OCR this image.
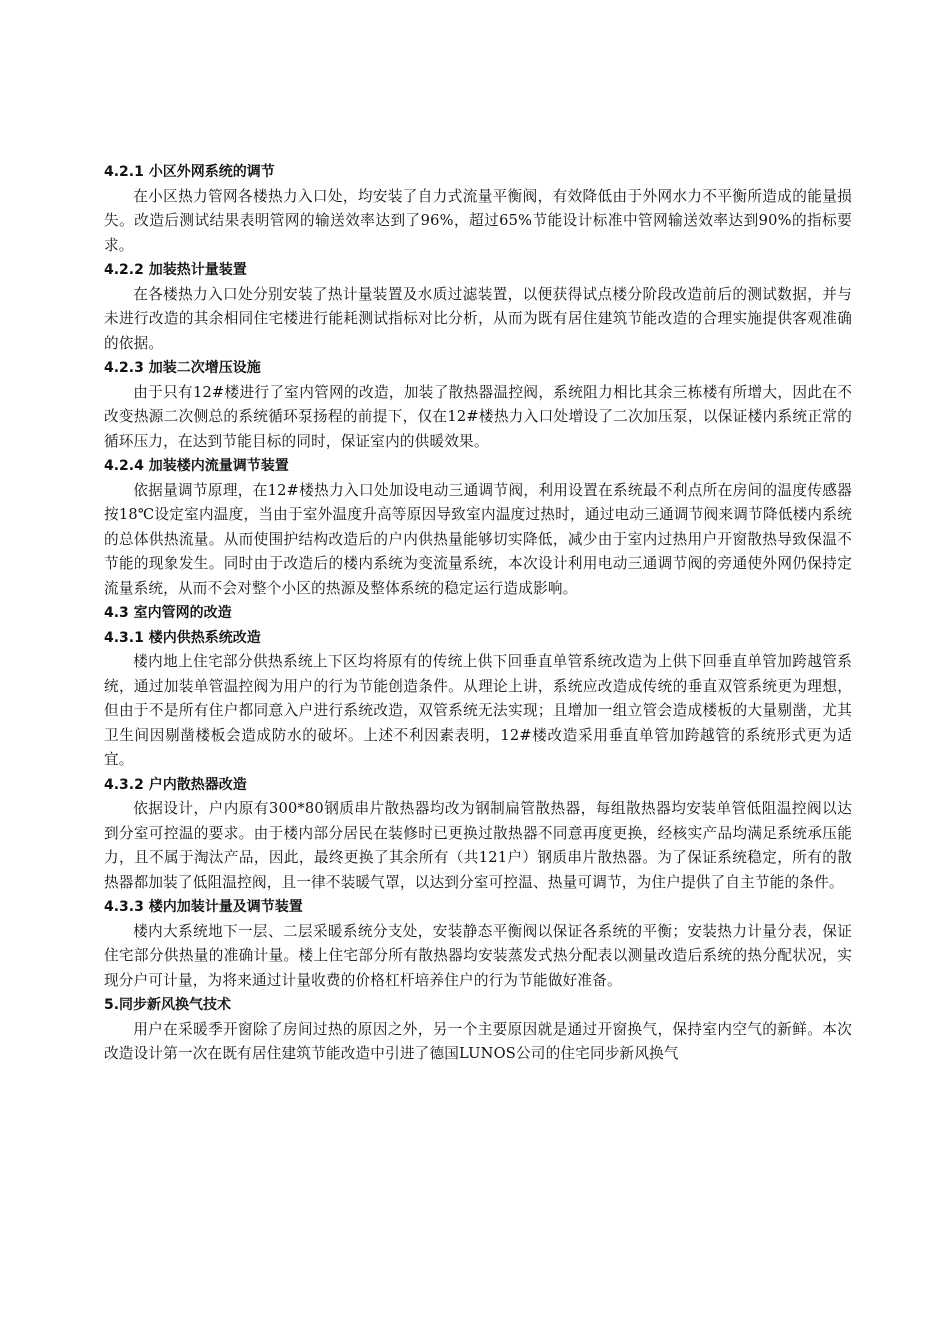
4.2.1 小区外网系统的调节

在小区热力管网各楼热力入口处，均安装了自力式流量平衡阀，有效降低由于外网水力不平衡所造成的能量损失。改造后测试结果表明管网的输送效率达到了96%，超过65%节能设计标准中管网输送效率达到90%的指标要求。

4.2.2 加装热计量装置

在各楼热力入口处分别安装了热计量装置及水质过滤装置，以便获得试点楼分阶段改造前后的测试数据，并与未进行改造的其余相同住宅楼进行能耗测试指标对比分析，从而为既有居住建筑节能改造的合理实施提供客观准确的依据。

4.2.3 加装二次增压设施

由于只有12#楼进行了室内管网的改造，加装了散热器温控阀，系统阻力相比其余三栋楼有所增大，因此在不改变热源二次侧总的系统循环泵扬程的前提下，仅在12#楼热力入口处增设了二次加压泵，以保证楼内系统正常的循环压力，在达到节能目标的同时，保证室内的供暖效果。

4.2.4 加装楼内流量调节装置

依据量调节原理，在12#楼热力入口处加设电动三通调节阀，利用设置在系统最不利点所在房间的温度传感器按18℃设定室内温度，当由于室外温度升高等原因导致室内温度过热时，通过电动三通调节阀来调节降低楼内系统的总体供热流量。从而使围护结构改造后的户内供热量能够切实降低，减少由于室内过热用户开窗散热导致保温不节能的现象发生。同时由于改造后的楼内系统为变流量系统，本次设计利用电动三通调节阀的旁通使外网仍保持定流量系统，从而不会对整个小区的热源及整体系统的稳定运行造成影响。

4.3 室内管网的改造
4.3.1 楼内供热系统改造

楼内地上住宅部分供热系统上下区均将原有的传统上供下回垂直单管系统改造为上供下回垂直单管加跨越管系统，通过加装单管温控阀为用户的行为节能创造条件。从理论上讲，系统应改造成传统的垂直双管系统更为理想，但由于不是所有住户都同意入户进行系统改造，双管系统无法实现；且增加一组立管会造成楼板的大量剔凿，尤其卫生间因剔凿楼板会造成防水的破坏。上述不利因素表明，12#楼改造采用垂直单管加跨越管的系统形式更为适宜。

4.3.2 户内散热器改造

依据设计，户内原有300*80钢质串片散热器均改为钢制扁管散热器，每组散热器均安装单管低阻温控阀以达到分室可控温的要求。由于楼内部分居民在装修时已更换过散热器不同意再度更换，经核实产品均满足系统承压能力，且不属于淘汰产品，因此，最终更换了其余所有（共121户）钢质串片散热器。为了保证系统稳定，所有的散热器都加装了低阻温控阀，且一律不装暖气罩，以达到分室可控温、热量可调节，为住户提供了自主节能的条件。

4.3.3 楼内加装计量及调节装置

楼内大系统地下一层、二层采暖系统分支处，安装静态平衡阀以保证各系统的平衡；安装热力计量分表，保证住宅部分供热量的准确计量。楼上住宅部分所有散热器均安装蒸发式热分配表以测量改造后系统的热分配状况，实现分户可计量，为将来通过计量收费的价格杠杆培养住户的行为节能做好准备。

5.同步新风换气技术

用户在采暖季开窗除了房间过热的原因之外，另一个主要原因就是通过开窗换气，保持室内空气的新鲜。本次改造设计第一次在既有居住建筑节能改造中引进了德国LUNOS公司的住宅同步新风换气
